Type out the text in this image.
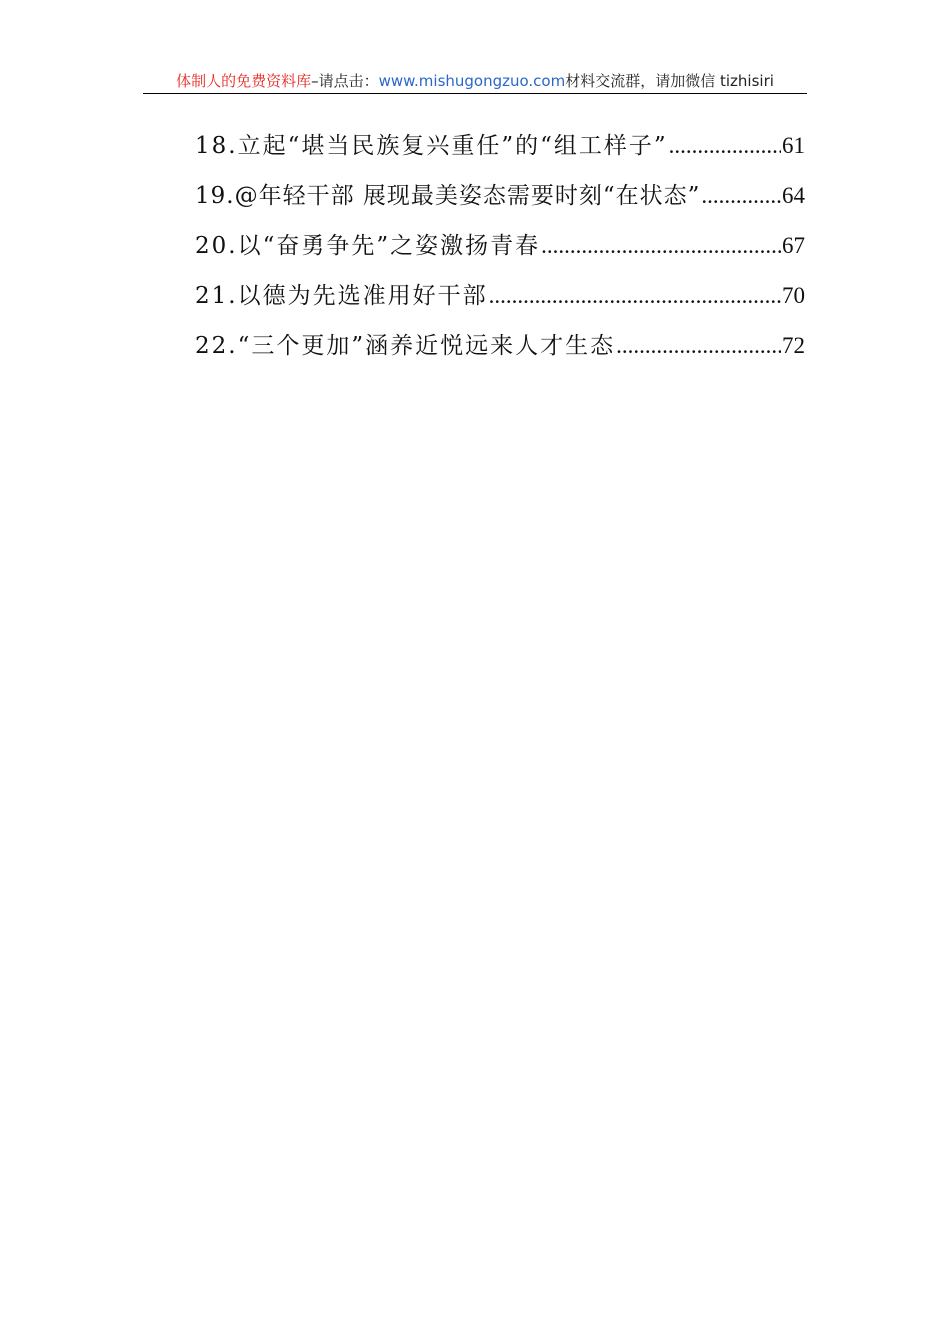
体制人的免费资料库–请点击：www.mishugongzuo.com材料交流群，请加微信 tizhisiri
18.立起“堪当民族复兴重任”的“组工样子” .....	61
19.@年轻干部 展现最美姿态需要时刻“在状态” .....	64
20.以“奋勇争先”之姿激扬青春 .....	67
21.以德为先选准用好干部 .....	70
22.“三个更加”涵养近悦远来人才生态 .....	72
